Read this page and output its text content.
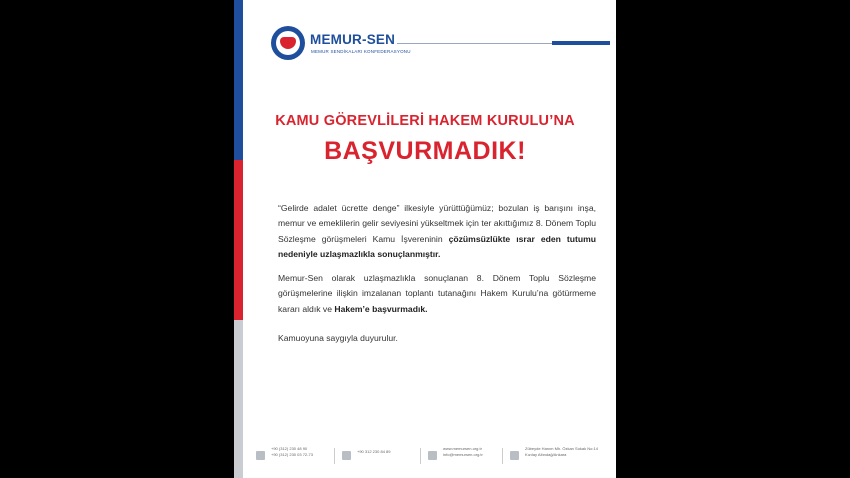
MEMUR-SEN
MEMUR SENDİKALARI KONFEDERASYONU
KAMU GÖREVLİLERİ HAKEM KURULU’NA
BAŞVURMADIK!
“Gelirde adalet ücrette denge” ilkesiyle yürüttüğümüz; bozulan iş barışını inşa, memur ve emeklilerin gelir seviyesini yükseltmek için ter akıttığımız 8. Dönem Toplu Sözleşme görüşmeleri Kamu İşvereninin çözümsüzlükte ısrar eden tutumu nedeniyle uzlaşmazlıkla sonuçlanmıştır.
Memur-Sen olarak uzlaşmazlıkla sonuçlanan 8. Dönem Toplu Sözleşme görüşmelerine ilişkin imzalanan toplantı tutanağını Hakem Kurulu’na götürmeme kararı aldık ve Hakem’e başvurmadık.
Kamuoyuna saygıyla duyurulur.
+90 (312) 230 48 90
+90 (312) 230 03 72-73
+90 312 230 84 89
www.memursen.org.tr
info@memursen.org.tr
Zübeyde Hanım Mh. Özkan Sokak No:14
Kızılay Altındağ/Ankara
